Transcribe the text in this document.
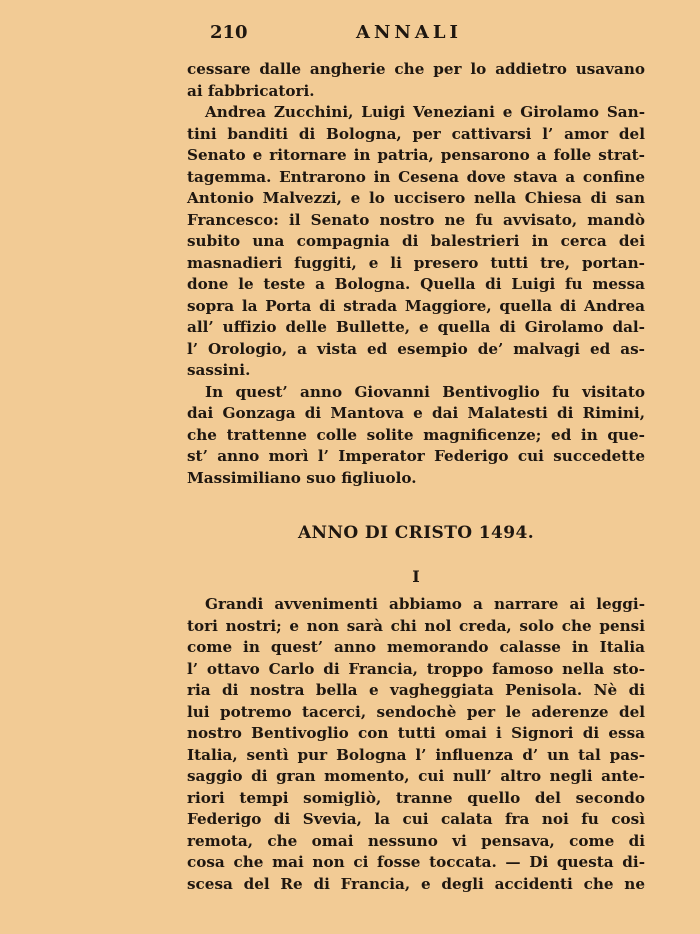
210	ANNALI
cessare dalle angherie che per lo addietro usavano
ai fabbricatori.
Andrea Zucchini, Luigi Veneziani e Girolamo San-
tini banditi di Bologna, per cattivarsi l’ amor del
Senato e ritornare in patria, pensarono a folle strat-
tagemma. Entrarono in Cesena dove stava a confine
Antonio Malvezzi, e lo uccisero nella Chiesa di san
Francesco: il Senato nostro ne fu avvisato, mandò
subito una compagnia di balestrieri in cerca dei
masnadieri fuggiti, e li presero tutti tre, portan-
done le teste a Bologna. Quella di Luigi fu messa
sopra la Porta di strada Maggiore, quella di Andrea
all’ uffizio delle Bullette, e quella di Girolamo dal-
l’ Orologio, a vista ed esempio de’ malvagi ed as-
sassini.
In quest’ anno Giovanni Bentivoglio fu visitato
dai Gonzaga di Mantova e dai Malatesti di Rimini,
che trattenne colle solite magnificenze; ed in que-
st’ anno morì l’ Imperator Federigo cui succedette
Massimiliano suo figliuolo.
ANNO DI CRISTO 1494.
I
Grandi avvenimenti abbiamo a narrare ai leggi-
tori nostri; e non sarà chi nol creda, solo che pensi
come in quest’ anno memorando calasse in Italia
l’ ottavo Carlo di Francia, troppo famoso nella sto-
ria di nostra bella e vagheggiata Penisola. Nè di
lui potremo tacerci, sendochè per le aderenze del
nostro Bentivoglio con tutti omai i Signori di essa
Italia, sentì pur Bologna l’ influenza d’ un tal pas-
saggio di gran momento, cui null’ altro negli ante-
riori tempi somigliò, tranne quello del secondo
Federigo di Svevia, la cui calata fra noi fu così
remota, che omai nessuno vi pensava, come di
cosa che mai non ci fosse toccata. — Di questa di-
scesa del Re di Francia, e degli accidenti che ne
